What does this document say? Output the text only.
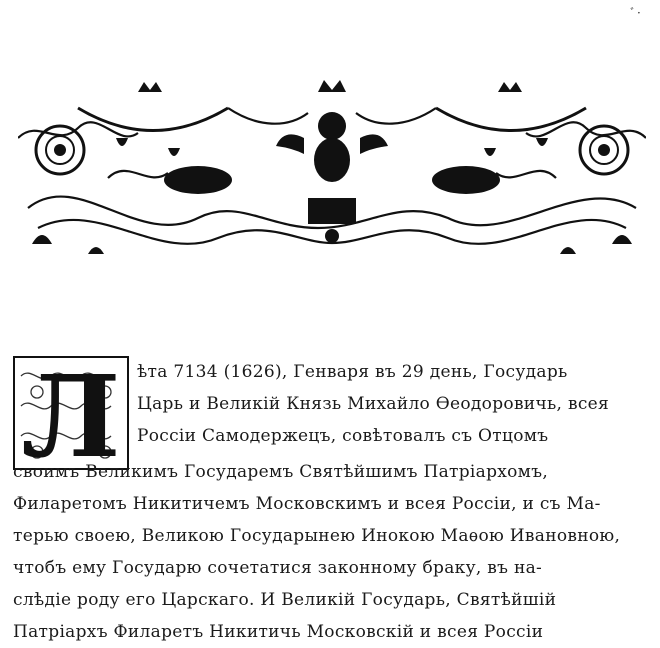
ﾞ·
Л ѣта 7134 (1626), Генваря въ 29 день, Государь
Царь и Великій Князь Михайло Ѳеодоровичь, всея
Россіи Самодержецъ, совѣтовалъ съ Отцомъ
своимъ Великимъ Государемъ Святѣйшимъ Патріархомъ,
Филаретомъ Никитичемъ Московскимъ и всея Россіи, и съ Ма-
терью своею, Великою Государынею Инокою Маѳою Ивановною,
чтобъ ему Государю сочетатися законному браку, въ на-
слѣдіе роду его Царскаго. И Великій Государь, Святѣйшій
Патріархъ Филаретъ Никитичь Московскій и всея Россіи
